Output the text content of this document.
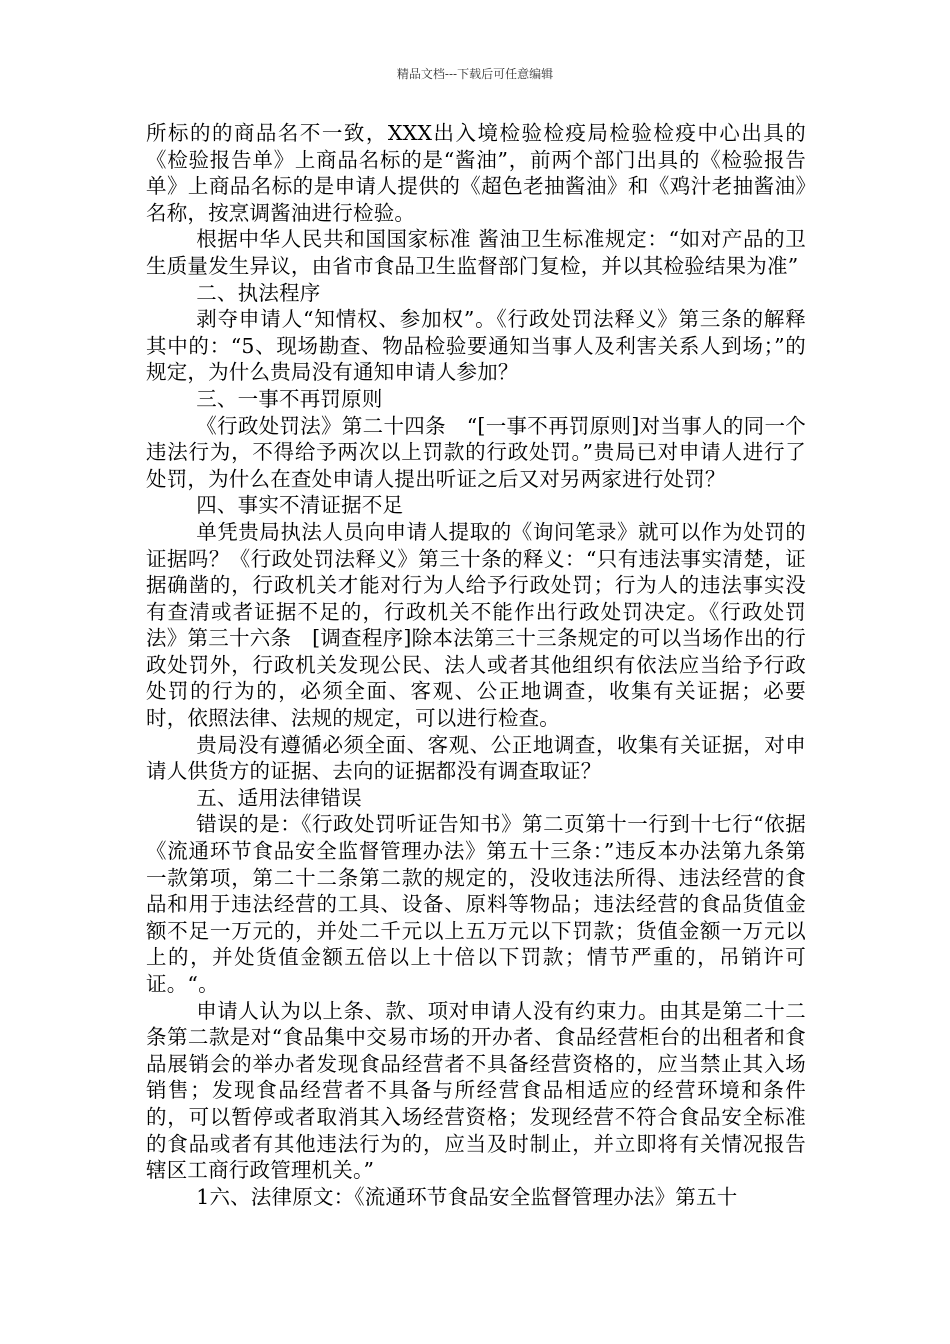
精品文档---下载后可任意编辑

所标的的商品名不一致，XXX出入境检验检疫局检验检疫中心出具的《检验报告单》上商品名标的是“酱油”，前两个部门出具的《检验报告单》上商品名标的是申请人提供的《超色老抽酱油》和《鸡汁老抽酱油》名称，按烹调酱油进行检验。

根据中华人民共和国国家标准 酱油卫生标准规定：“如对产品的卫生质量发生异议，由省市食品卫生监督部门复检，并以其检验结果为准”

二、执法程序

剥夺申请人“知情权、参加权”。《行政处罚法释义》第三条的解释其中的：“5、现场勘查、物品检验要通知当事人及利害关系人到场；”的规定，为什么贵局没有通知申请人参加？

三、一事不再罚原则

《行政处罚法》第二十四条　“[一事不再罚原则]对当事人的同一个违法行为，不得给予两次以上罚款的行政处罚。”贵局已对申请人进行了处罚，为什么在查处申请人提出听证之后又对另两家进行处罚？

四、事实不清证据不足

单凭贵局执法人员向申请人提取的《询问笔录》就可以作为处罚的证据吗？《行政处罚法释义》第三十条的释义：“只有违法事实清楚，证据确凿的，行政机关才能对行为人给予行政处罚；行为人的违法事实没有查清或者证据不足的，行政机关不能作出行政处罚决定。《行政处罚法》第三十六条　[调查程序]除本法第三十三条规定的可以当场作出的行政处罚外，行政机关发现公民、法人或者其他组织有依法应当给予行政处罚的行为的，必须全面、客观、公正地调查，收集有关证据；必要时，依照法律、法规的规定，可以进行检查。

贵局没有遵循必须全面、客观、公正地调查，收集有关证据，对申请人供货方的证据、去向的证据都没有调查取证？

五、适用法律错误

错误的是：《行政处罚听证告知书》第二页第十一行到十七行“依据《流通环节食品安全监督管理办法》第五十三条：”违反本办法第九条第一款第项，第二十二条第二款的规定的，没收违法所得、违法经营的食品和用于违法经营的工具、设备、原料等物品；违法经营的食品货值金额不足一万元的，并处二千元以上五万元以下罚款；货值金额一万元以上的，并处货值金额五倍以上十倍以下罚款；情节严重的，吊销许可证。“。

申请人认为以上条、款、项对申请人没有约束力。由其是第二十二条第二款是对“食品集中交易市场的开办者、食品经营柜台的出租者和食品展销会的举办者发现食品经营者不具备经营资格的，应当禁止其入场销售；发现食品经营者不具备与所经营食品相适应的经营环境和条件的，可以暂停或者取消其入场经营资格；发现经营不符合食品安全标准的食品或者有其他违法行为的，应当及时制止，并立即将有关情况报告辖区工商行政管理机关。”

1六、法律原文：《流通环节食品安全监督管理办法》第五十
